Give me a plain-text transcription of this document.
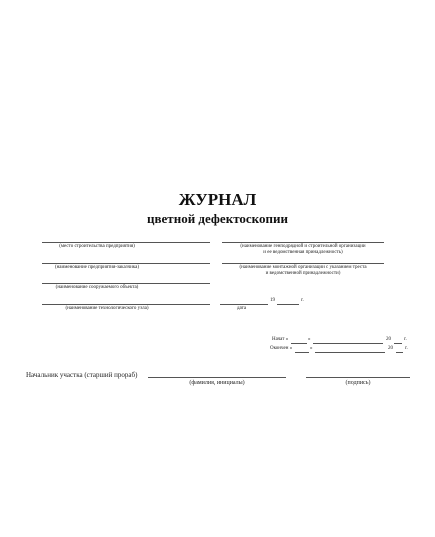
ЖУРНАЛ
цветной дефектоскопии
(место строительства предприятия)	(наименование генподрядной и строительной организации
и ее ведомственная принадлежность)
(наименование предприятия-заказчика)	(наименование монтажной организации с указанием треста
и ведомственной принадлежности)
(наименование сооружаемого объекта)
(наименование технологического узла)
19	г.
дата
Начат «	»	20	г.
Окончен «	»	20 г.
Начальник участка (старший прораб)
(фамилия, инициалы)	(подпись)
